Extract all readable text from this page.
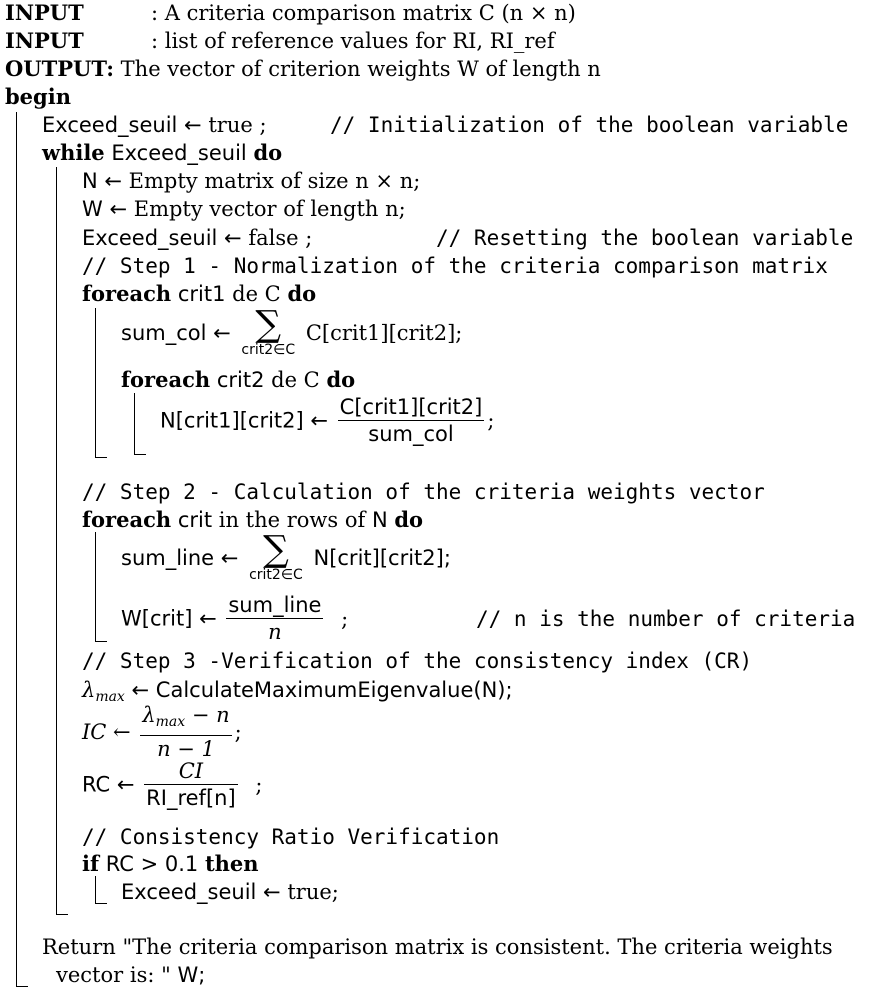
INPUT	: A criteria comparison matrix C (n × n)
INPUT	: list of reference values for RI, RI_ref
OUTPUT: The vector of criterion weights W of length n
begin
Exceed_seuil ← true ;	// Initialization of the boolean variable
while Exceed_seuil do
N ← Empty matrix of size n × n;
W ← Empty vector of length n;
Exceed_seuil ← false ;	// Resetting the boolean variable
// Step 1 - Normalization of the criteria comparison matrix
foreach crit1 de C do
sum_col ← ∑
crit2∈C
C[crit1][crit2];
foreach crit2 de C do
N[crit1][crit2] ← $\frac{\text{C[crit1][crit2]}}{\text{sum\_col}}$ ;
// Step 2 - Calculation of the criteria weights vector
foreach crit in the rows of N do
sum_line ← ∑
crit2∈C
N[crit][crit2];
W[crit] ← $\frac{\text{sum\_line}}{n}$ ;	// n is the number of criteria
// Step 3 -Verification of the consistency index (CR)
$\lambda_{max}$ ← CalculateMaximumEigenvalue(N);
IC ← $\frac{\lambda_{max} - n}{n - 1}$ ;
RC ← $\frac{CI}{\text{RI\_ref[n]}}$ ;
// Consistency Ratio Verification
if RC > 0.1 then
Exceed_seuil ← true;
Return "The criteria comparison matrix is consistent. The criteria weights
vector is: " W;
